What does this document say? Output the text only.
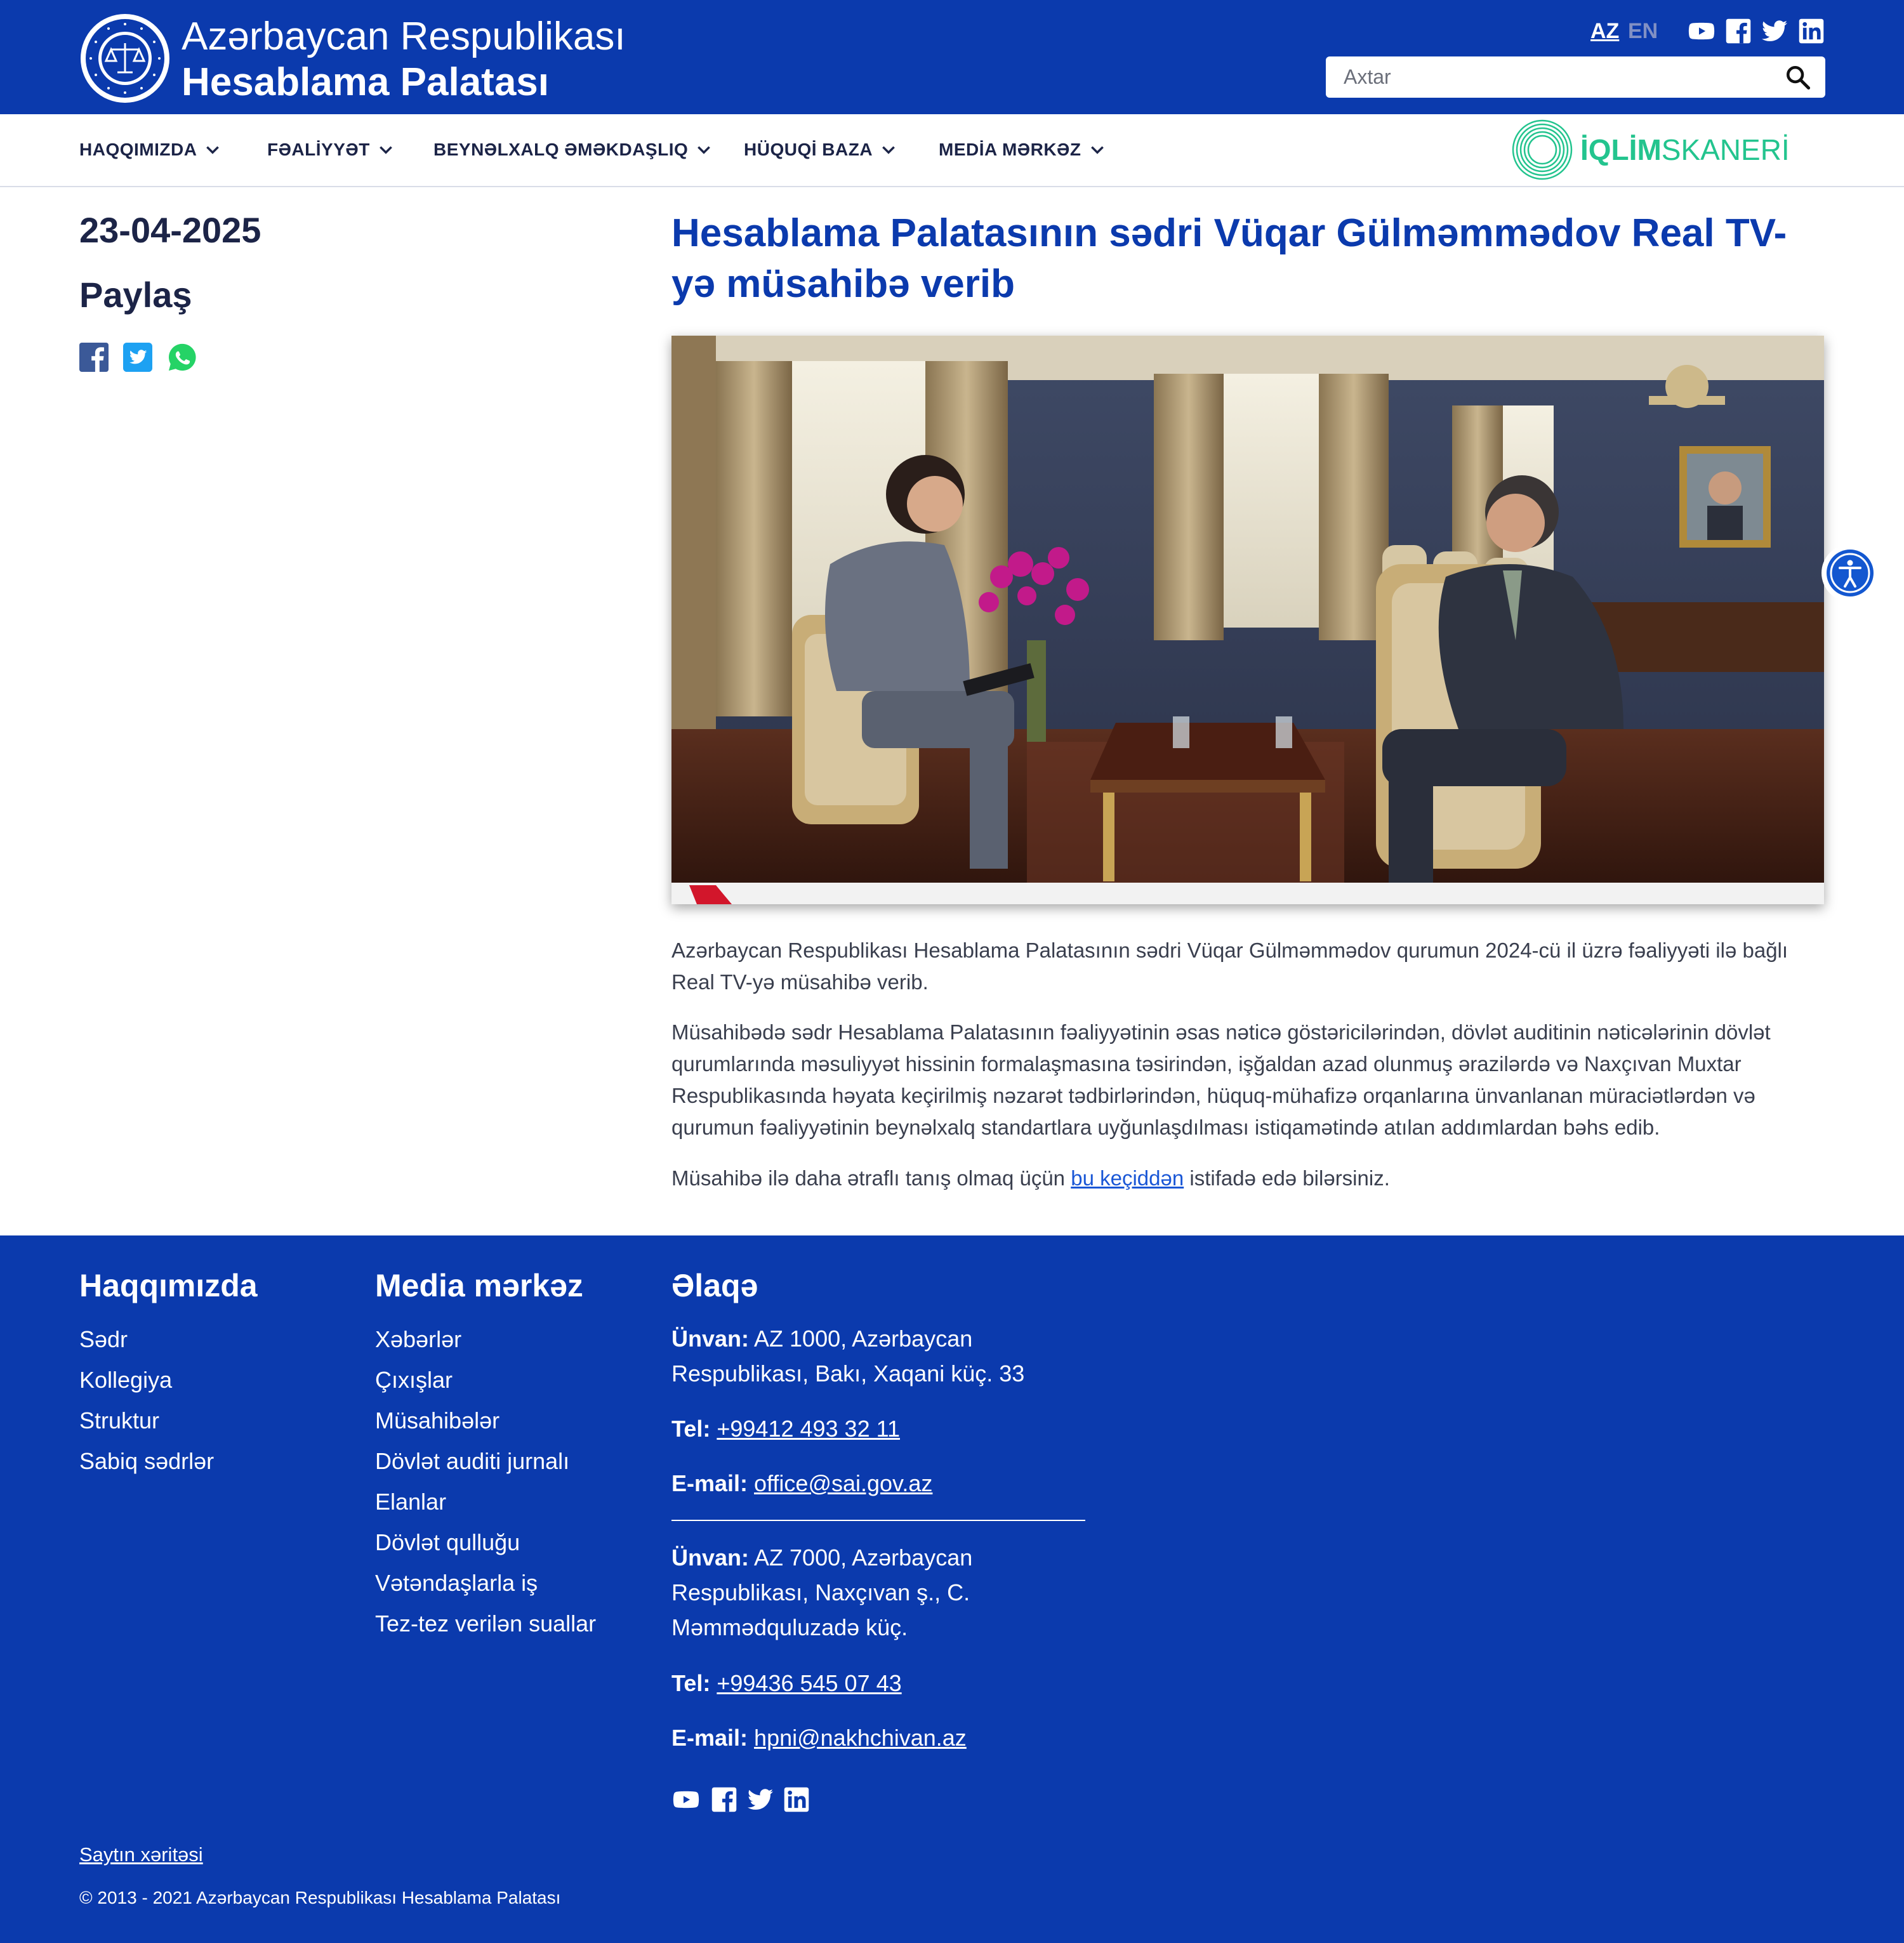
Azərbaycan Respublikası
Hesablama Palatası
AZ EN
Axtar
HAQQIMIZDA	FƏALİYYƏT	BEYNƏLXALQ ƏMƏKDAŞLIQ	HÜQUQİ BAZA	MEDİA MƏRKƏZ	İQLİMSKANERİ
23-04-2025
Paylaş
Hesablama Palatasının sədri Vüqar Gülməmmədov Real TV-yə müsahibə verib

Azərbaycan Respublikası Hesablama Palatasının sədri Vüqar Gülməmmədov qurumun 2024-cü il üzrə fəaliyyəti ilə bağlı Real TV-yə müsahibə verib.

Müsahibədə sədr Hesablama Palatasının fəaliyyətinin əsas nəticə göstəricilərindən, dövlət auditinin nəticələrinin dövlət qurumlarında məsuliyyət hissinin formalaşmasına təsirindən, işğaldan azad olunmuş ərazilərdə və Naxçıvan Muxtar Respublikasında həyata keçirilmiş nəzarət tədbirlərindən, hüquq-mühafizə orqanlarına ünvanlanan müraciətlərdən və qurumun fəaliyyətinin beynəlxalq standartlara uyğunlaşdılması istiqamətində atılan addımlardan bəhs edib.

Müsahibə ilə daha ətraflı tanış olmaq üçün bu keçiddən istifadə edə bilərsiniz.

Haqqımızda	Media mərkəz	Əlaqə
Sədr
Kollegiya
Struktur
Sabiq sədrlər
Xəbərlər
Çıxışlar
Müsahibələr
Dövlət auditi jurnalı
Elanlar
Dövlət qulluğu
Vətəndaşlarla iş
Tez-tez verilən suallar
Ünvan: AZ 1000, Azərbaycan Respublikası, Bakı, Xaqani küç. 33
Tel: +99412 493 32 11
E-mail: office@sai.gov.az
Ünvan: AZ 7000, Azərbaycan Respublikası, Naxçıvan ş., C. Məmmədquluzadə küç.
Tel: +99436 545 07 43
E-mail: hpni@nakhchivan.az
Saytın xəritəsi
© 2013 - 2021 Azərbaycan Respublikası Hesablama Palatası
